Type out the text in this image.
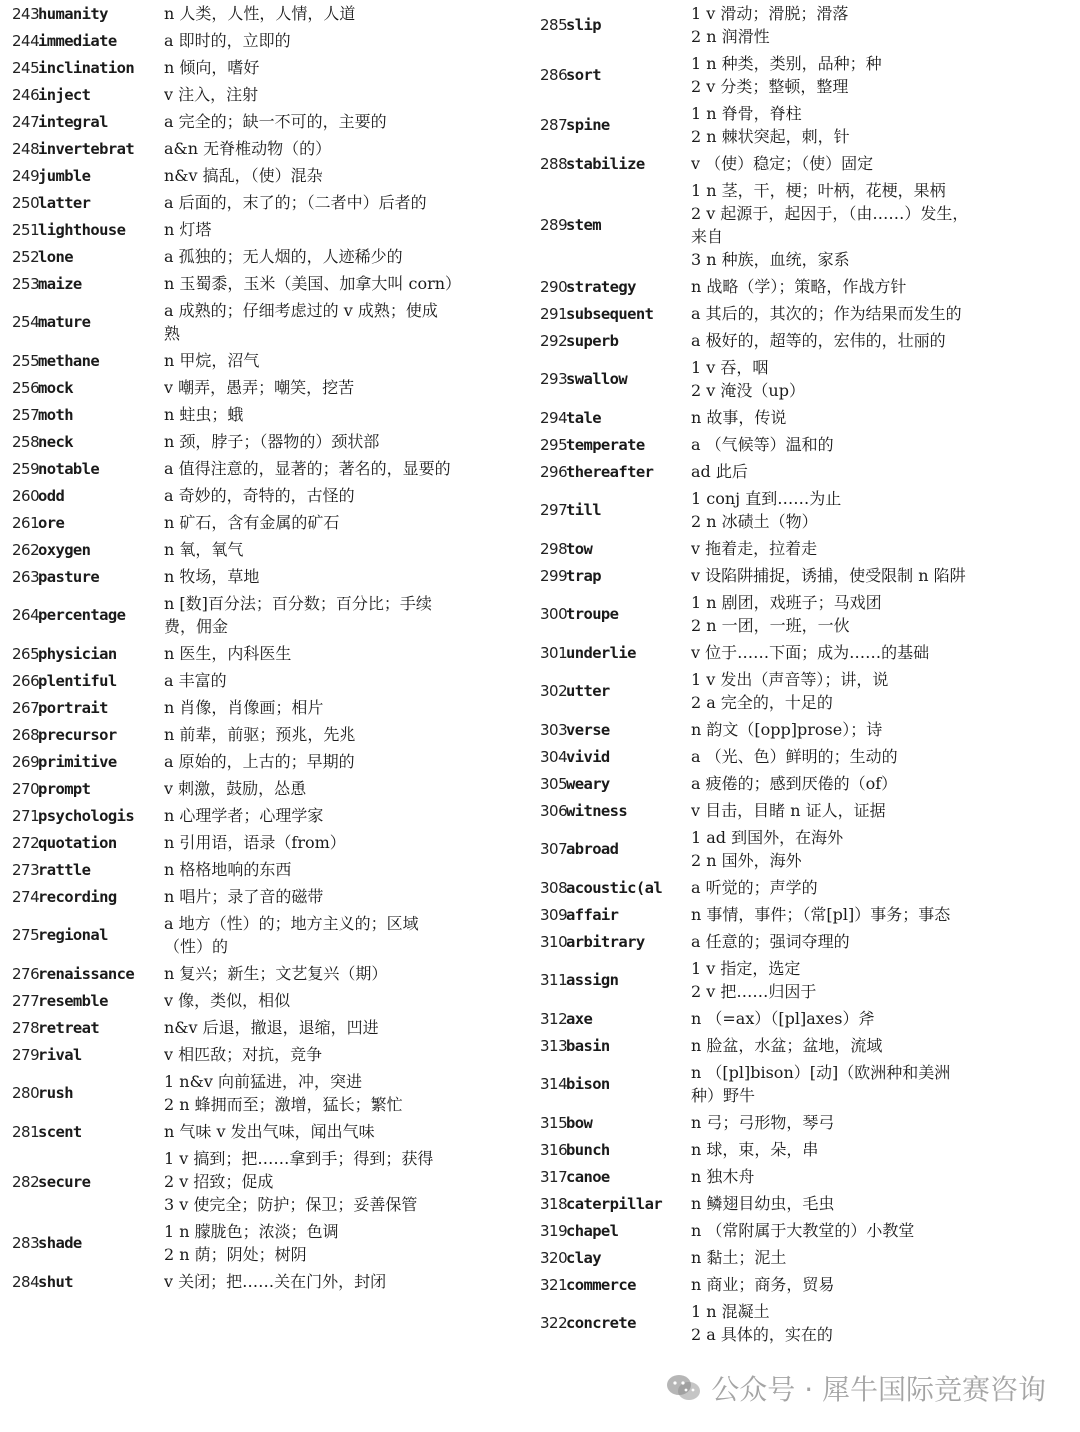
243
humanity	n 人类，人性，人情，人道
244
immediate	a 即时的，立即的
245
inclination	n 倾向，嗜好
246
inject	v 注入，注射
247
integral	a 完全的；缺一不可的，主要的
248
invertebrat	a&n 无脊椎动物（的）
249
jumble	n&v 搞乱，（使）混杂
250
latter	a 后面的，末了的；（二者中）后者的
251
lighthouse	n 灯塔
252
lone	a 孤独的；无人烟的，人迹稀少的
253
maize	n 玉蜀黍，玉米（美国、加拿大叫 corn）
254
mature
a 成熟的；仔细考虑过的 v 成熟；使成
熟
255
methane	n 甲烷，沼气
256
mock	v 嘲弄，愚弄；嘲笑，挖苦
257
moth	n 蛀虫；蛾
258
neck	n 颈，脖子；（器物的）颈状部
259
notable	a 值得注意的，显著的；著名的，显要的
260
odd	a 奇妙的，奇特的，古怪的
261
ore	n 矿石，含有金属的矿石
262
oxygen	n 氧，氧气
263
pasture	n 牧场，草地
264
percentage
n [数]百分法；百分数；百分比；手续
费，佣金
265
physician	n 医生，内科医生
266
plentiful	a 丰富的
267
portrait	n 肖像，肖像画；相片
268
precursor	n 前辈，前驱；预兆，先兆
269
primitive	a 原始的，上古的；早期的
270
prompt	v 刺激，鼓励，怂恿
271
psychologis	n 心理学者；心理学家
272
quotation	n 引用语，语录（from）
273
rattle	n 格格地响的东西
274
recording	n 唱片；录了音的磁带
275
regional
a 地方（性）的；地方主义的；区域
（性）的
276
renaissance	n 复兴；新生；文艺复兴（期）
277
resemble	v 像，类似，相似
278
retreat	n&v 后退，撤退，退缩，凹进
279
rival	v 相匹敌；对抗，竞争
280
rush
1 n&v 向前猛进，冲，突进
2 n 蜂拥而至；激增，猛长；繁忙
281
scent	n 气味 v 发出气味，闻出气味
282
secure
1 v 搞到；把……拿到手；得到；获得
2 v 招致；促成
3 v 使完全；防护；保卫；妥善保管
283
shade
1 n 朦胧色；浓淡；色调
2 n 荫；阴处；树阴
284
shut	v 关闭；把……关在门外，封闭
285
slip
1 v 滑动；滑脱；滑落
2 n 润滑性
286
sort
1 n 种类，类别，品种；种
2 v 分类；整顿，整理
287
spine
1 n 脊骨，脊柱
2 n 棘状突起，刺，针
288
stabilize	v （使）稳定；（使）固定
289
stem
1 n 茎，干，梗；叶柄，花梗，果柄
2 v 起源于，起因于，（由……）发生，
来自
3 n 种族，血统，家系
290
strategy	n 战略（学）；策略，作战方针
291
subsequent	a 其后的，其次的；作为结果而发生的
292
superb	a 极好的，超等的，宏伟的，壮丽的
293
swallow
1 v 吞，咽
2 v 淹没（up）
294
tale	n 故事，传说
295
temperate	a （气候等）温和的
296
thereafter	ad 此后
297
till
1 conj 直到……为止
2 n 冰碛土（物）
298
tow	v 拖着走，拉着走
299
trap	v 设陷阱捕捉，诱捕，使受限制 n 陷阱
300
troupe
1 n 剧团，戏班子；马戏团
2 n 一团，一班，一伙
301
underlie	v 位于……下面；成为……的基础
302
utter
1 v 发出（声音等）；讲，说
2 a 完全的，十足的
303
verse	n 韵文（[opp]prose）；诗
304
vivid	a （光、色）鲜明的；生动的
305
weary	a 疲倦的；感到厌倦的（of）
306
witness	v 目击，目睹 n 证人，证据
307
abroad
1 ad 到国外，在海外
2 n 国外，海外
308
acoustic(al	a 听觉的；声学的
309
affair	n 事情，事件；（常[pl]）事务；事态
310
arbitrary	a 任意的；强词夺理的
311
assign
1 v 指定，选定
2 v 把……归因于
312
axe	n （=ax）（[pl]axes）斧
313
basin	n 脸盆，水盆；盆地，流域
314
bison
n （[pl]bison）[动]（欧洲种和美洲
种）野牛
315
bow	n 弓；弓形物，琴弓
316
bunch	n 球，束，朵，串
317
canoe	n 独木舟
318
caterpillar	n 鳞翅目幼虫，毛虫
319
chapel	n （常附属于大教堂的）小教堂
320
clay	n 黏土；泥土
321
commerce	n 商业；商务，贸易
322
concrete
1 n 混凝土
2 a 具体的，实在的
公众号 · 犀牛国际竞赛咨询
